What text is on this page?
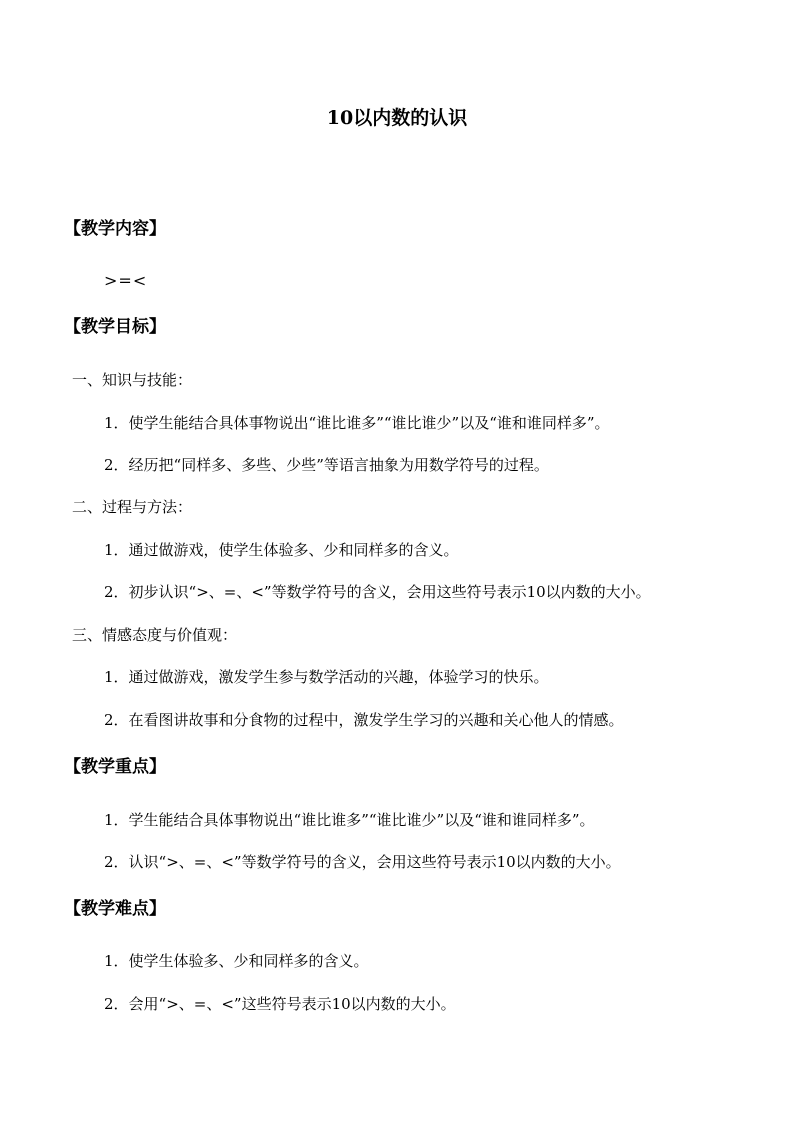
10以内数的认识
【教学内容】
>=<
【教学目标】
一、知识与技能：
1．使学生能结合具体事物说出“谁比谁多”“谁比谁少”以及“谁和谁同样多”。
2．经历把“同样多、多些、少些”等语言抽象为用数学符号的过程。
二、过程与方法：
1．通过做游戏，使学生体验多、少和同样多的含义。
2．初步认识“>、=、<”等数学符号的含义，会用这些符号表示10以内数的大小。
三、情感态度与价值观：
1．通过做游戏，激发学生参与数学活动的兴趣，体验学习的快乐。
2．在看图讲故事和分食物的过程中，激发学生学习的兴趣和关心他人的情感。
【教学重点】
1．学生能结合具体事物说出“谁比谁多”“谁比谁少”以及“谁和谁同样多”。
2．认识“>、=、<”等数学符号的含义，会用这些符号表示10以内数的大小。
【教学难点】
1．使学生体验多、少和同样多的含义。
2．会用“>、=、<”这些符号表示10以内数的大小。
